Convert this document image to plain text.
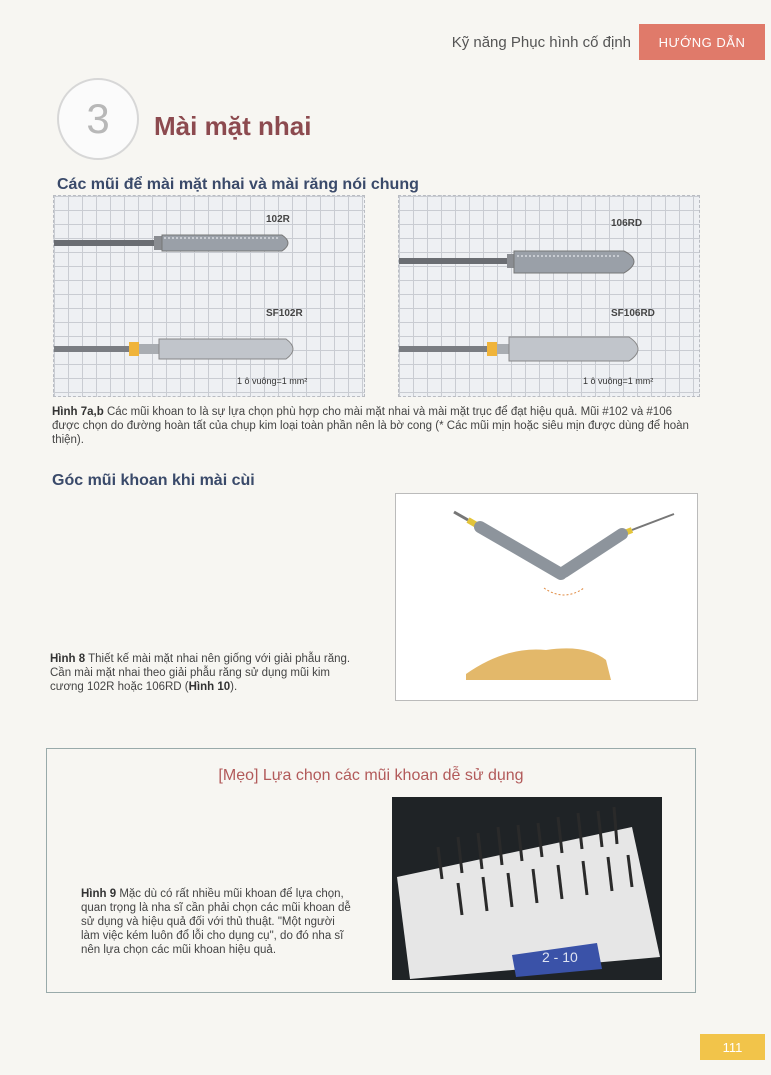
Kỹ năng Phục hình cố định	HƯỚNG DẪN
3	Mài mặt nhai
Các mũi để mài mặt nhai và mài răng nói chung
102R
SF102R
1 ô vuông=1 mm²
106RD
SF106RD
1 ô vuông=1 mm²
Hình 7a,b Các mũi khoan to là sự lựa chọn phù hợp cho mài mặt nhai và mài mặt trục để đạt hiệu quả. Mũi #102 và #106 được chọn do đường hoàn tất của chụp kim loại toàn phần nên là bờ cong (* Các mũi mịn hoặc siêu mịn được dùng để hoàn thiện).
Góc mũi khoan khi mài cùi
Hình 8 Thiết kế mài mặt nhai nên giống với giải phẫu răng. Cần mài mặt nhai theo giải phẫu răng sử dụng mũi kim cương 102R hoặc 106RD (Hình 10).
[Mẹo] Lựa chọn các mũi khoan dễ sử dụng
Hình 9 Mặc dù có rất nhiều mũi khoan để lựa chọn, quan trọng là nha sĩ cần phải chọn các mũi khoan dễ sử dụng và hiệu quả đối với thủ thuật. "Một người làm việc kém luôn đổ lỗi cho dụng cụ", do đó nha sĩ nên lựa chọn các mũi khoan hiệu quả.	2 - 10
111
